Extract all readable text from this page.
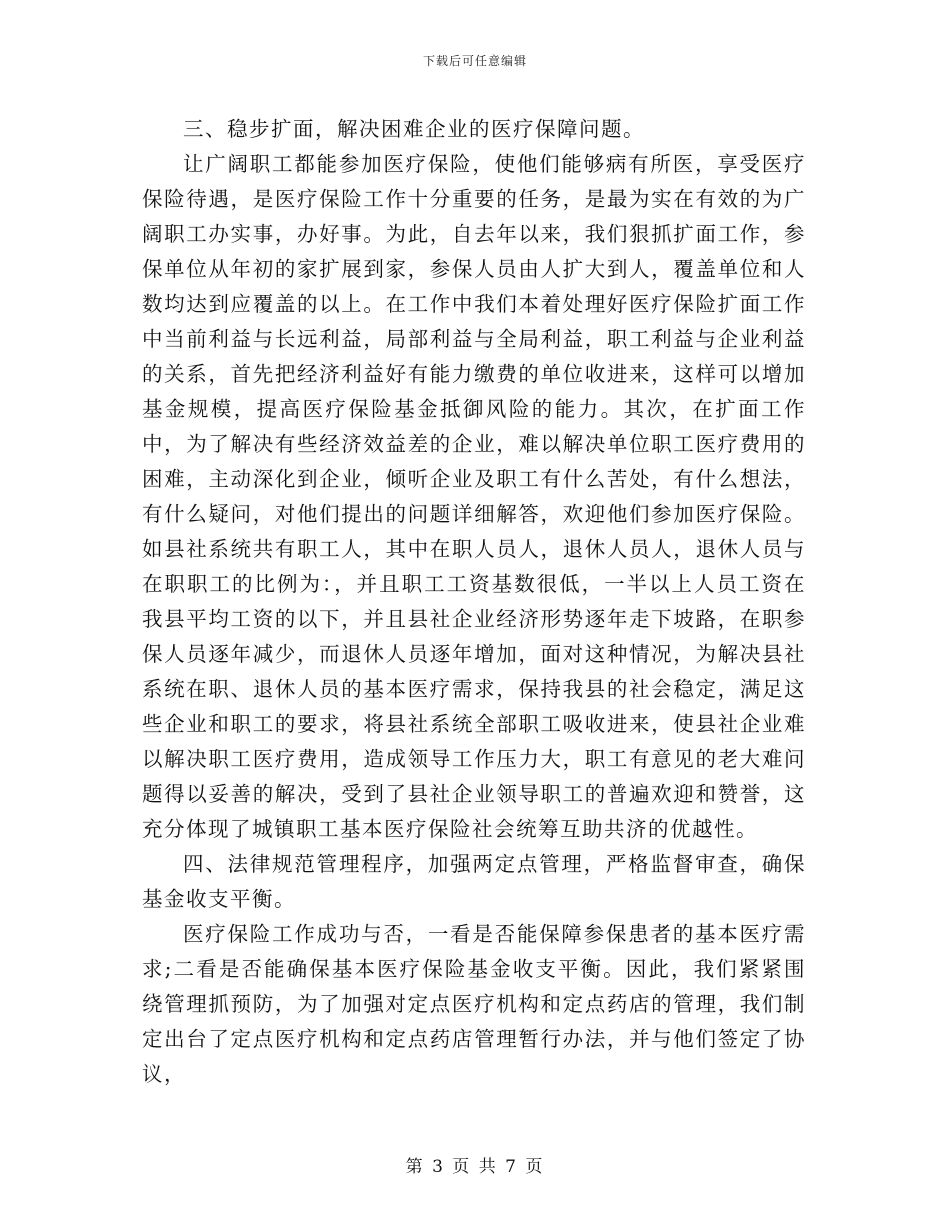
下载后可任意编辑

三、稳步扩面，解决困难企业的医疗保障问题。

让广阔职工都能参加医疗保险，使他们能够病有所医，享受医疗保险待遇，是医疗保险工作十分重要的任务，是最为实在有效的为广阔职工办实事，办好事。为此，自去年以来，我们狠抓扩面工作，参保单位从年初的家扩展到家，参保人员由人扩大到人，覆盖单位和人数均达到应覆盖的以上。在工作中我们本着处理好医疗保险扩面工作中当前利益与长远利益，局部利益与全局利益，职工利益与企业利益的关系，首先把经济利益好有能力缴费的单位收进来，这样可以增加基金规模，提高医疗保险基金抵御风险的能力。其次，在扩面工作中，为了解决有些经济效益差的企业，难以解决单位职工医疗费用的困难，主动深化到企业，倾听企业及职工有什么苦处，有什么想法，有什么疑问，对他们提出的问题详细解答，欢迎他们参加医疗保险。如县社系统共有职工人，其中在职人员人，退休人员人，退休人员与在职职工的比例为：，并且职工工资基数很低，一半以上人员工资在我县平均工资的以下，并且县社企业经济形势逐年走下坡路，在职参保人员逐年减少，而退休人员逐年增加，面对这种情况，为解决县社系统在职、退休人员的基本医疗需求，保持我县的社会稳定，满足这些企业和职工的要求，将县社系统全部职工吸收进来，使县社企业难以解决职工医疗费用，造成领导工作压力大，职工有意见的老大难问题得以妥善的解决，受到了县社企业领导职工的普遍欢迎和赞誉，这充分体现了城镇职工基本医疗保险社会统筹互助共济的优越性。

四、法律规范管理程序，加强两定点管理，严格监督审查，确保基金收支平衡。

医疗保险工作成功与否，一看是否能保障参保患者的基本医疗需求;二看是否能确保基本医疗保险基金收支平衡。因此，我们紧紧围绕管理抓预防，为了加强对定点医疗机构和定点药店的管理，我们制定出台了定点医疗机构和定点药店管理暂行办法，并与他们签定了协议，

第 3 页 共 7 页
